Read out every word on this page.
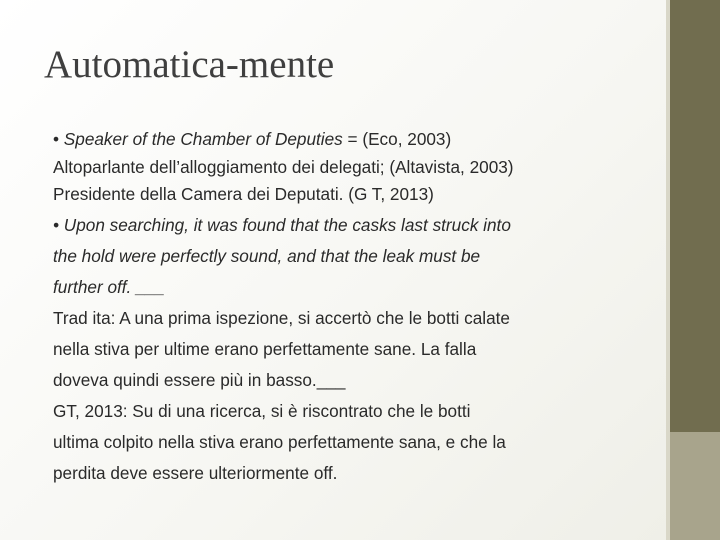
Automatica-mente
• Speaker of the Chamber of Deputies = (Eco, 2003)
Altoparlante dell’alloggiamento dei delegati; (Altavista, 2003)
Presidente della Camera dei Deputati. (G T, 2013)
• Upon searching, it was found that the casks last struck into
the hold were perfectly sound, and that the leak must be
further off. ___
Trad ita: A una prima ispezione, si accertò che le botti calate
nella stiva per ultime erano perfettamente sane. La falla
doveva quindi essere più in basso.___
GT, 2013: Su di una ricerca, si è riscontrato che le botti
ultima colpito nella stiva erano perfettamente sana, e che la
perdita deve essere ulteriormente off.
